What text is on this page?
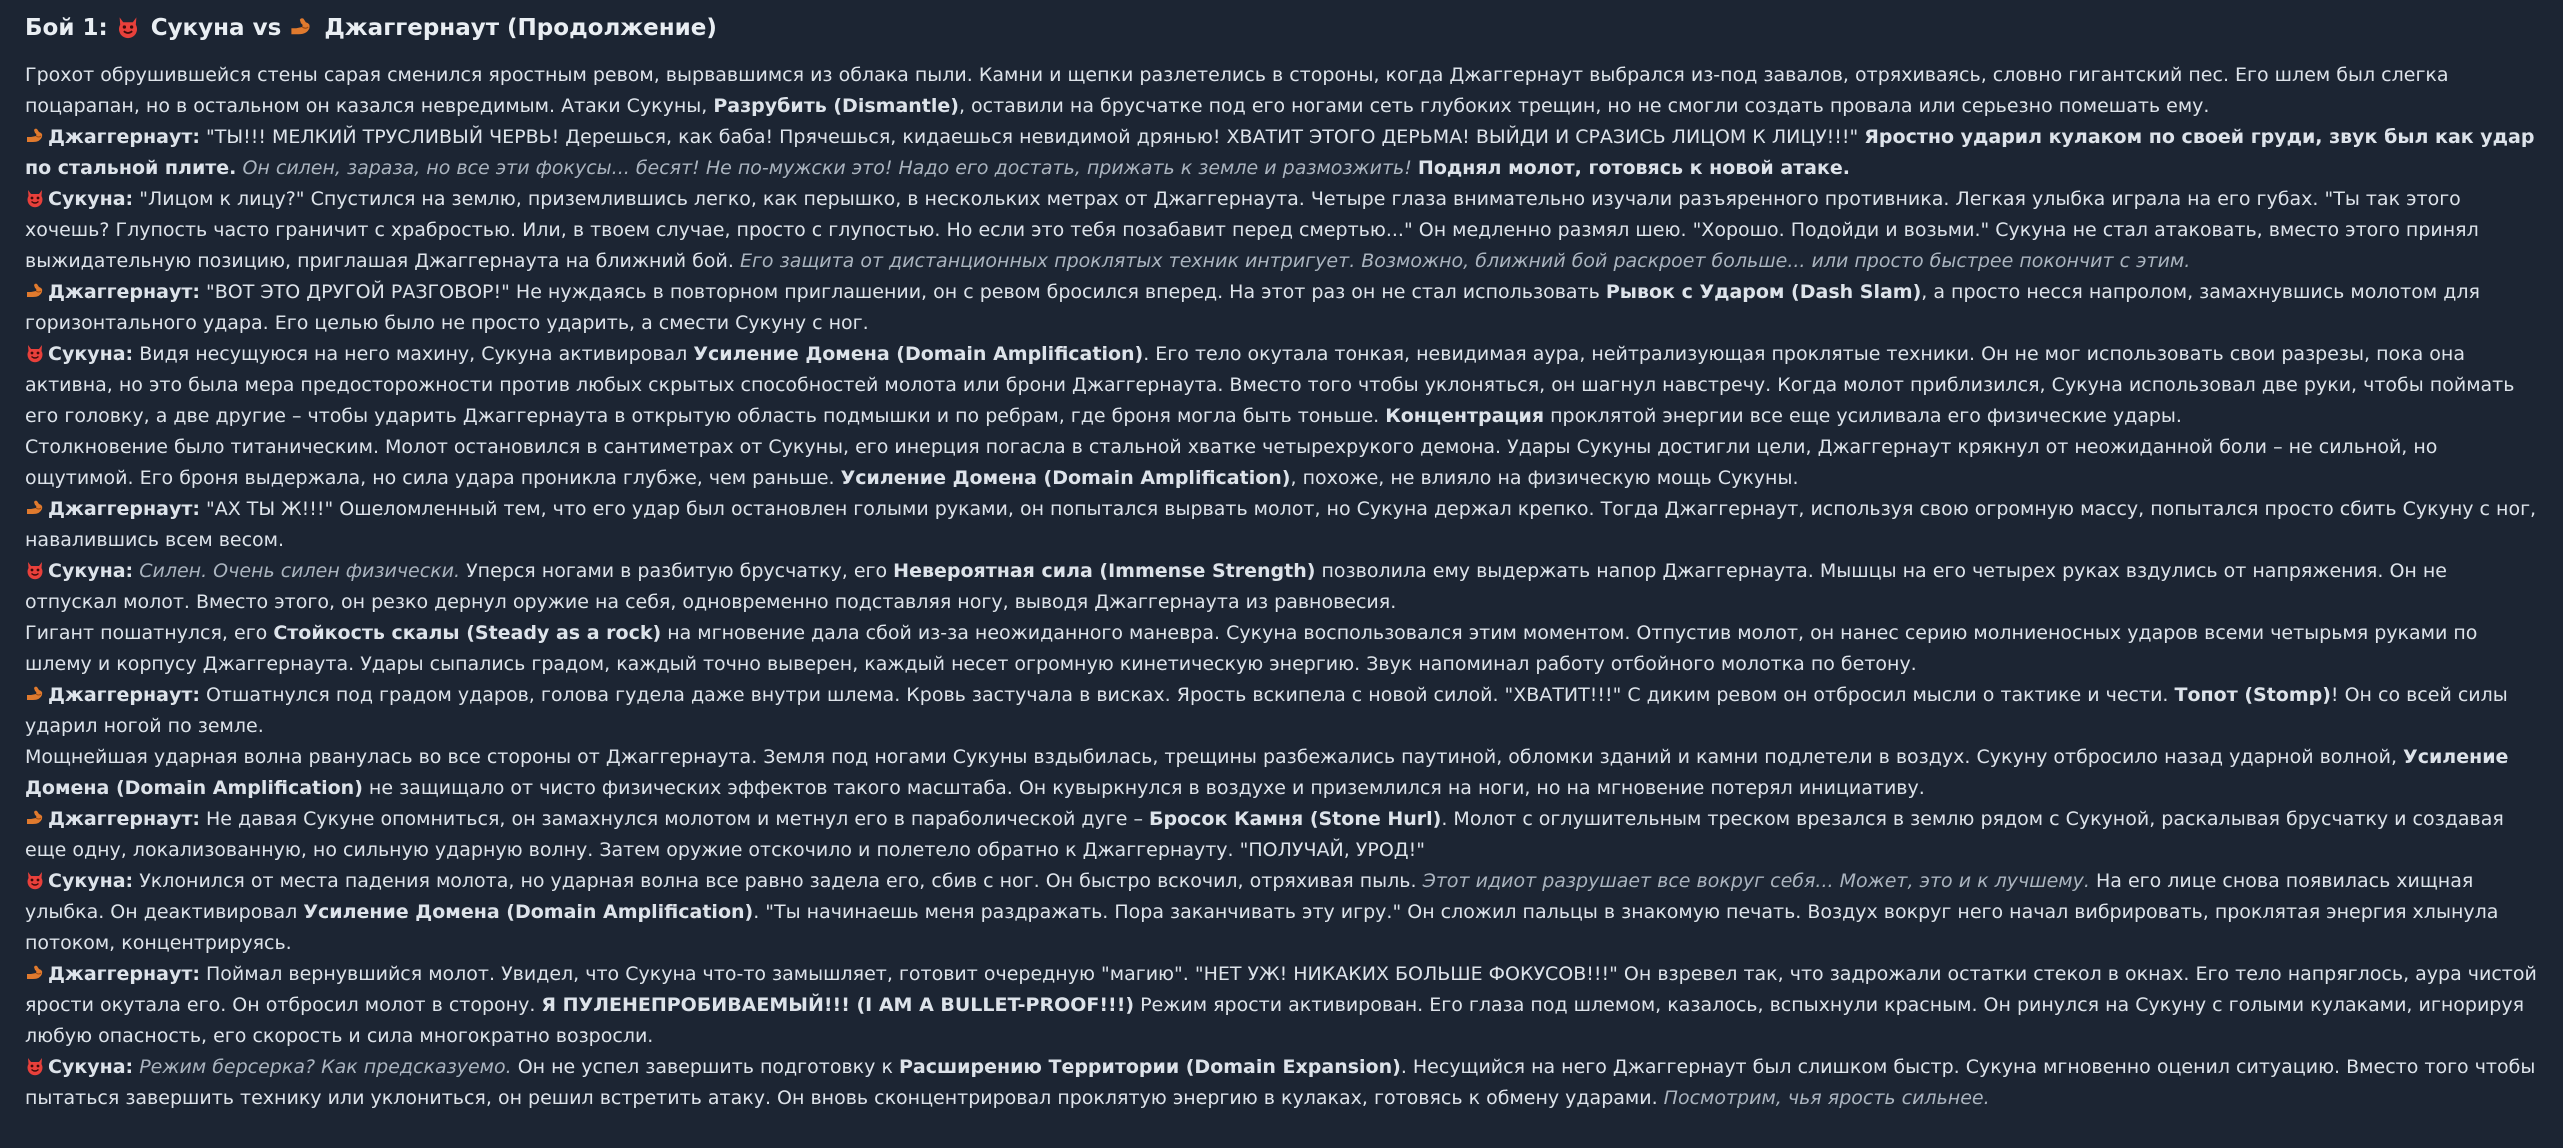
Бой 1: Сукуна vs Джаггернаут (Продолжение)
Грохот обрушившейся стены сарая сменился яростным ревом, вырвавшимся из облака пыли. Камни и щепки разлетелись в стороны, когда Джаггернаут выбрался из-под завалов, отряхиваясь, словно гигантский пес. Его шлем был слегка поцарапан, но в остальном он казался невредимым. Атаки Сукуны, Разрубить (Dismantle), оставили на брусчатке под его ногами сеть глубоких трещин, но не смогли создать провала или серьезно помешать ему.
Джаггернаут: "ТЫ!!! МЕЛКИЙ ТРУСЛИВЫЙ ЧЕРВЬ! Дерешься, как баба! Прячешься, кидаешься невидимой дрянью! ХВАТИТ ЭТОГО ДЕРЬМА! ВЫЙДИ И СРАЗИСЬ ЛИЦОМ К ЛИЦУ!!!" Яростно ударил кулаком по своей груди, звук был как удар по стальной плите. Он силен, зараза, но все эти фокусы... бесят! Не по-мужски это! Надо его достать, прижать к земле и размозжить! Поднял молот, готовясь к новой атаке.
Сукуна: "Лицом к лицу?" Спустился на землю, приземлившись легко, как перышко, в нескольких метрах от Джаггернаута. Четыре глаза внимательно изучали разъяренного противника. Легкая улыбка играла на его губах. "Ты так этого хочешь? Глупость часто граничит с храбростью. Или, в твоем случае, просто с глупостью. Но если это тебя позабавит перед смертью..." Он медленно размял шею. "Хорошо. Подойди и возьми." Сукуна не стал атаковать, вместо этого принял выжидательную позицию, приглашая Джаггернаута на ближний бой. Его защита от дистанционных проклятых техник интригует. Возможно, ближний бой раскроет больше... или просто быстрее покончит с этим.
Джаггернаут: "ВОТ ЭТО ДРУГОЙ РАЗГОВОР!" Не нуждаясь в повторном приглашении, он с ревом бросился вперед. На этот раз он не стал использовать Рывок с Ударом (Dash Slam), а просто несся напролом, замахнувшись молотом для горизонтального удара. Его целью было не просто ударить, а смести Сукуну с ног.
Сукуна: Видя несущуюся на него махину, Сукуна активировал Усиление Домена (Domain Amplification). Его тело окутала тонкая, невидимая аура, нейтрализующая проклятые техники. Он не мог использовать свои разрезы, пока она активна, но это была мера предосторожности против любых скрытых способностей молота или брони Джаггернаута. Вместо того чтобы уклоняться, он шагнул навстречу. Когда молот приблизился, Сукуна использовал две руки, чтобы поймать его головку, а две другие – чтобы ударить Джаггернаута в открытую область подмышки и по ребрам, где броня могла быть тоньше. Концентрация проклятой энергии все еще усиливала его физические удары.
Столкновение было титаническим. Молот остановился в сантиметрах от Сукуны, его инерция погасла в стальной хватке четырехрукого демона. Удары Сукуны достигли цели, Джаггернаут крякнул от неожиданной боли – не сильной, но ощутимой. Его броня выдержала, но сила удара проникла глубже, чем раньше. Усиление Домена (Domain Amplification), похоже, не влияло на физическую мощь Сукуны.
Джаггернаут: "АХ ТЫ Ж!!!" Ошеломленный тем, что его удар был остановлен голыми руками, он попытался вырвать молот, но Сукуна держал крепко. Тогда Джаггернаут, используя свою огромную массу, попытался просто сбить Сукуну с ног, навалившись всем весом.
Сукуна: Силен. Очень силен физически. Уперся ногами в разбитую брусчатку, его Невероятная сила (Immense Strength) позволила ему выдержать напор Джаггернаута. Мышцы на его четырех руках вздулись от напряжения. Он не отпускал молот. Вместо этого, он резко дернул оружие на себя, одновременно подставляя ногу, выводя Джаггернаута из равновесия.
Гигант пошатнулся, его Стойкость скалы (Steady as a rock) на мгновение дала сбой из-за неожиданного маневра. Сукуна воспользовался этим моментом. Отпустив молот, он нанес серию молниеносных ударов всеми четырьмя руками по шлему и корпусу Джаггернаута. Удары сыпались градом, каждый точно выверен, каждый несет огромную кинетическую энергию. Звук напоминал работу отбойного молотка по бетону.
Джаггернаут: Отшатнулся под градом ударов, голова гудела даже внутри шлема. Кровь застучала в висках. Ярость вскипела с новой силой. "ХВАТИТ!!!" С диким ревом он отбросил мысли о тактике и чести. Топот (Stomp)! Он со всей силы ударил ногой по земле.
Мощнейшая ударная волна рванулась во все стороны от Джаггернаута. Земля под ногами Сукуны вздыбилась, трещины разбежались паутиной, обломки зданий и камни подлетели в воздух. Сукуну отбросило назад ударной волной, Усиление Домена (Domain Amplification) не защищало от чисто физических эффектов такого масштаба. Он кувыркнулся в воздухе и приземлился на ноги, но на мгновение потерял инициативу.
Джаггернаут: Не давая Сукуне опомниться, он замахнулся молотом и метнул его в параболической дуге – Бросок Камня (Stone Hurl). Молот с оглушительным треском врезался в землю рядом с Сукуной, раскалывая брусчатку и создавая еще одну, локализованную, но сильную ударную волну. Затем оружие отскочило и полетело обратно к Джаггернауту. "ПОЛУЧАЙ, УРОД!"
Сукуна: Уклонился от места падения молота, но ударная волна все равно задела его, сбив с ног. Он быстро вскочил, отряхивая пыль. Этот идиот разрушает все вокруг себя... Может, это и к лучшему. На его лице снова появилась хищная улыбка. Он деактивировал Усиление Домена (Domain Amplification). "Ты начинаешь меня раздражать. Пора заканчивать эту игру." Он сложил пальцы в знакомую печать. Воздух вокруг него начал вибрировать, проклятая энергия хлынула потоком, концентрируясь.
Джаггернаут: Поймал вернувшийся молот. Увидел, что Сукуна что-то замышляет, готовит очередную "магию". "НЕТ УЖ! НИКАКИХ БОЛЬШЕ ФОКУСОВ!!!" Он взревел так, что задрожали остатки стекол в окнах. Его тело напряглось, аура чистой ярости окутала его. Он отбросил молот в сторону. Я ПУЛЕНЕПРОБИВАЕМЫЙ!!! (I AM A BULLET-PROOF!!!) Режим ярости активирован. Его глаза под шлемом, казалось, вспыхнули красным. Он ринулся на Сукуну с голыми кулаками, игнорируя любую опасность, его скорость и сила многократно возросли.
Сукуна: Режим берсерка? Как предсказуемо. Он не успел завершить подготовку к Расширению Территории (Domain Expansion). Несущийся на него Джаггернаут был слишком быстр. Сукуна мгновенно оценил ситуацию. Вместо того чтобы пытаться завершить технику или уклониться, он решил встретить атаку. Он вновь сконцентрировал проклятую энергию в кулаках, готовясь к обмену ударами. Посмотрим, чья ярость сильнее.
